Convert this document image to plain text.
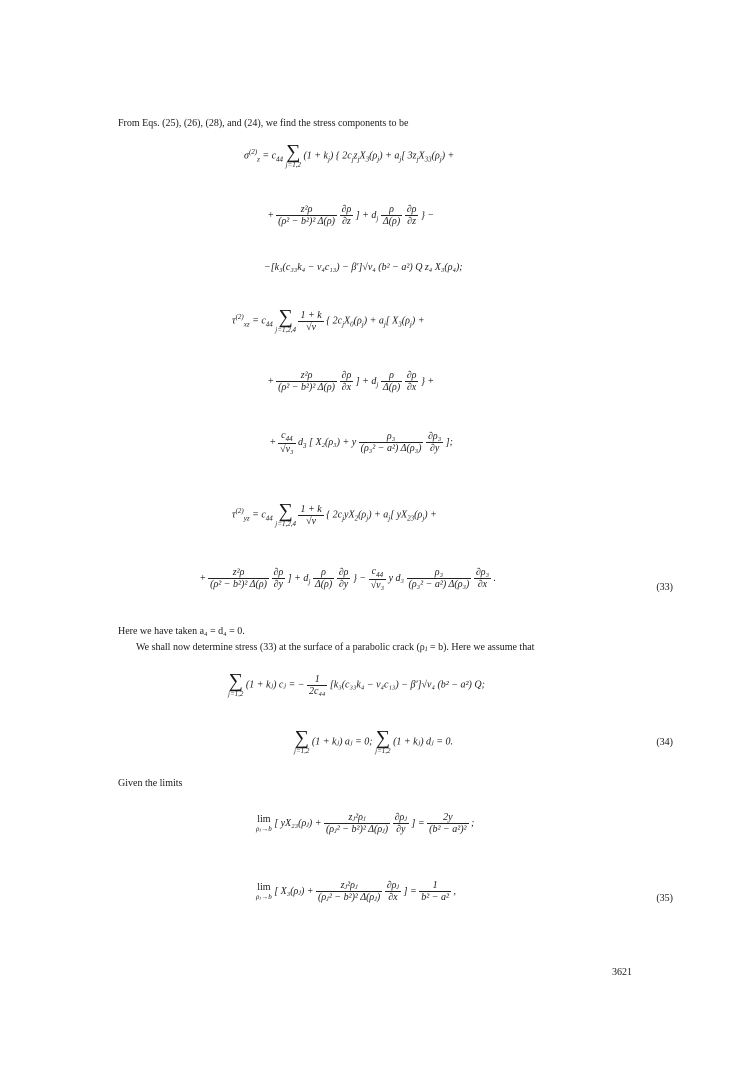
From Eqs. (25), (26), (28), and (24), we find the stress components to be
$\sigma^{(2)}_z = c_{44}$ ∑
j=1,2
$(1 + k_j)$ { $2c_jz_jX_3(\rho_j) + a_j$[ $3z_jX_{33}(\rho_j)$ +
+ $\frac{\text{z²ρ}}{\text{(ρ² − b²)² Δ(ρ)}}$
$\frac{\partial\rho}{\partial z}$ ] + $d_j \frac{\rho}{\Delta(\rho)}$
$\frac{\partial\rho}{\partial z}$ } −
−[k₃(c₃₃k₄ − ν₄c₁₃) − β′]√ν₄ (b² − a²) Q z₄ X₃(ρ₄);
$\tau^{(2)}_{xz} = c_{44}$ ∑
j=1,2,4
$\frac{1 + k}{√\nu}$ { $2c_jX_0(\rho_j) + a_j$[ $X_3(\rho_j)$ +
+ $\frac{\text{z²ρ}}{\text{(ρ² − b²)² Δ(ρ)}}$
$\frac{\partial\rho}{\partial x}$ ] + $d_j \frac{\rho}{\Delta(\rho)}$
$\frac{\partial\rho}{\partial x}$ } +
+ $\frac{c_{44}}{\text{√ν₃}} d_3$ [ X₂(ρ₃) + y $\frac{\text{ρ₃}}{\text{(ρ₃² − a²) Δ(ρ₃)}}$
$\frac{\text{∂ρ₃}}{\partial y}$ ];
$\tau^{(2)}_{yz} = c_{44}$ ∑
j=1,2,4
$\frac{1 + k}{√\nu}$ { $2c_jyX_2(\rho_j) + a_j$[ $yX_{23}(\rho_j)$ +
+ $\frac{\text{z²ρ}}{\text{(ρ² − b²)² Δ(ρ)}}$
$\frac{\partial\rho}{\partial y}$ ] + $d_j \frac{\rho}{\Delta(\rho)}$
$\frac{\partial\rho}{\partial y}$ } − $\frac{c_{44}}{\text{√ν₃}}$ y $d_3 \frac{\text{ρ₃}}{\text{(ρ₃² − a²) Δ(ρ₃)}}$
$\frac{\text{∂ρ₃}}{\partial x}$ .
(33)
Here we have taken a₄ = d₄ = 0.
We shall now determine stress (33) at the surface of a parabolic crack (ρⱼ = b). Here we assume that
∑
j=1,2
(1 + kⱼ) cⱼ = − $\frac{1}{\text{2c₄₄}} [k_3(c_{33}k_4 - \nu_4c_{13}) - \beta']√\nu_4$ (b² − a²) Q;
∑
j=1,2
(1 + kⱼ) aⱼ = 0; ∑
j=1,2
(1 + kⱼ) dⱼ = 0.	(34)
Given the limits
lim
ρⱼ→b [ yX₂₃(ρⱼ) + $\frac{\text{zⱼ²ρⱼ}}{\text{(ρⱼ² − b²)² Δ(ρⱼ)}}$
$\frac{\text{∂ρⱼ}}{\partial y}$ ] = $\frac{2y}{\text{(b² − a²)²}}$ ;
lim
ρⱼ→b [ X₃(ρⱼ) + $\frac{\text{zⱼ²ρⱼ}}{\text{(ρⱼ² − b²)² Δ(ρⱼ)}}$
$\frac{\text{∂ρⱼ}}{\partial x}$ ] = $\frac{1}{\text{b² − a²}}$ ,
(35)
3621
